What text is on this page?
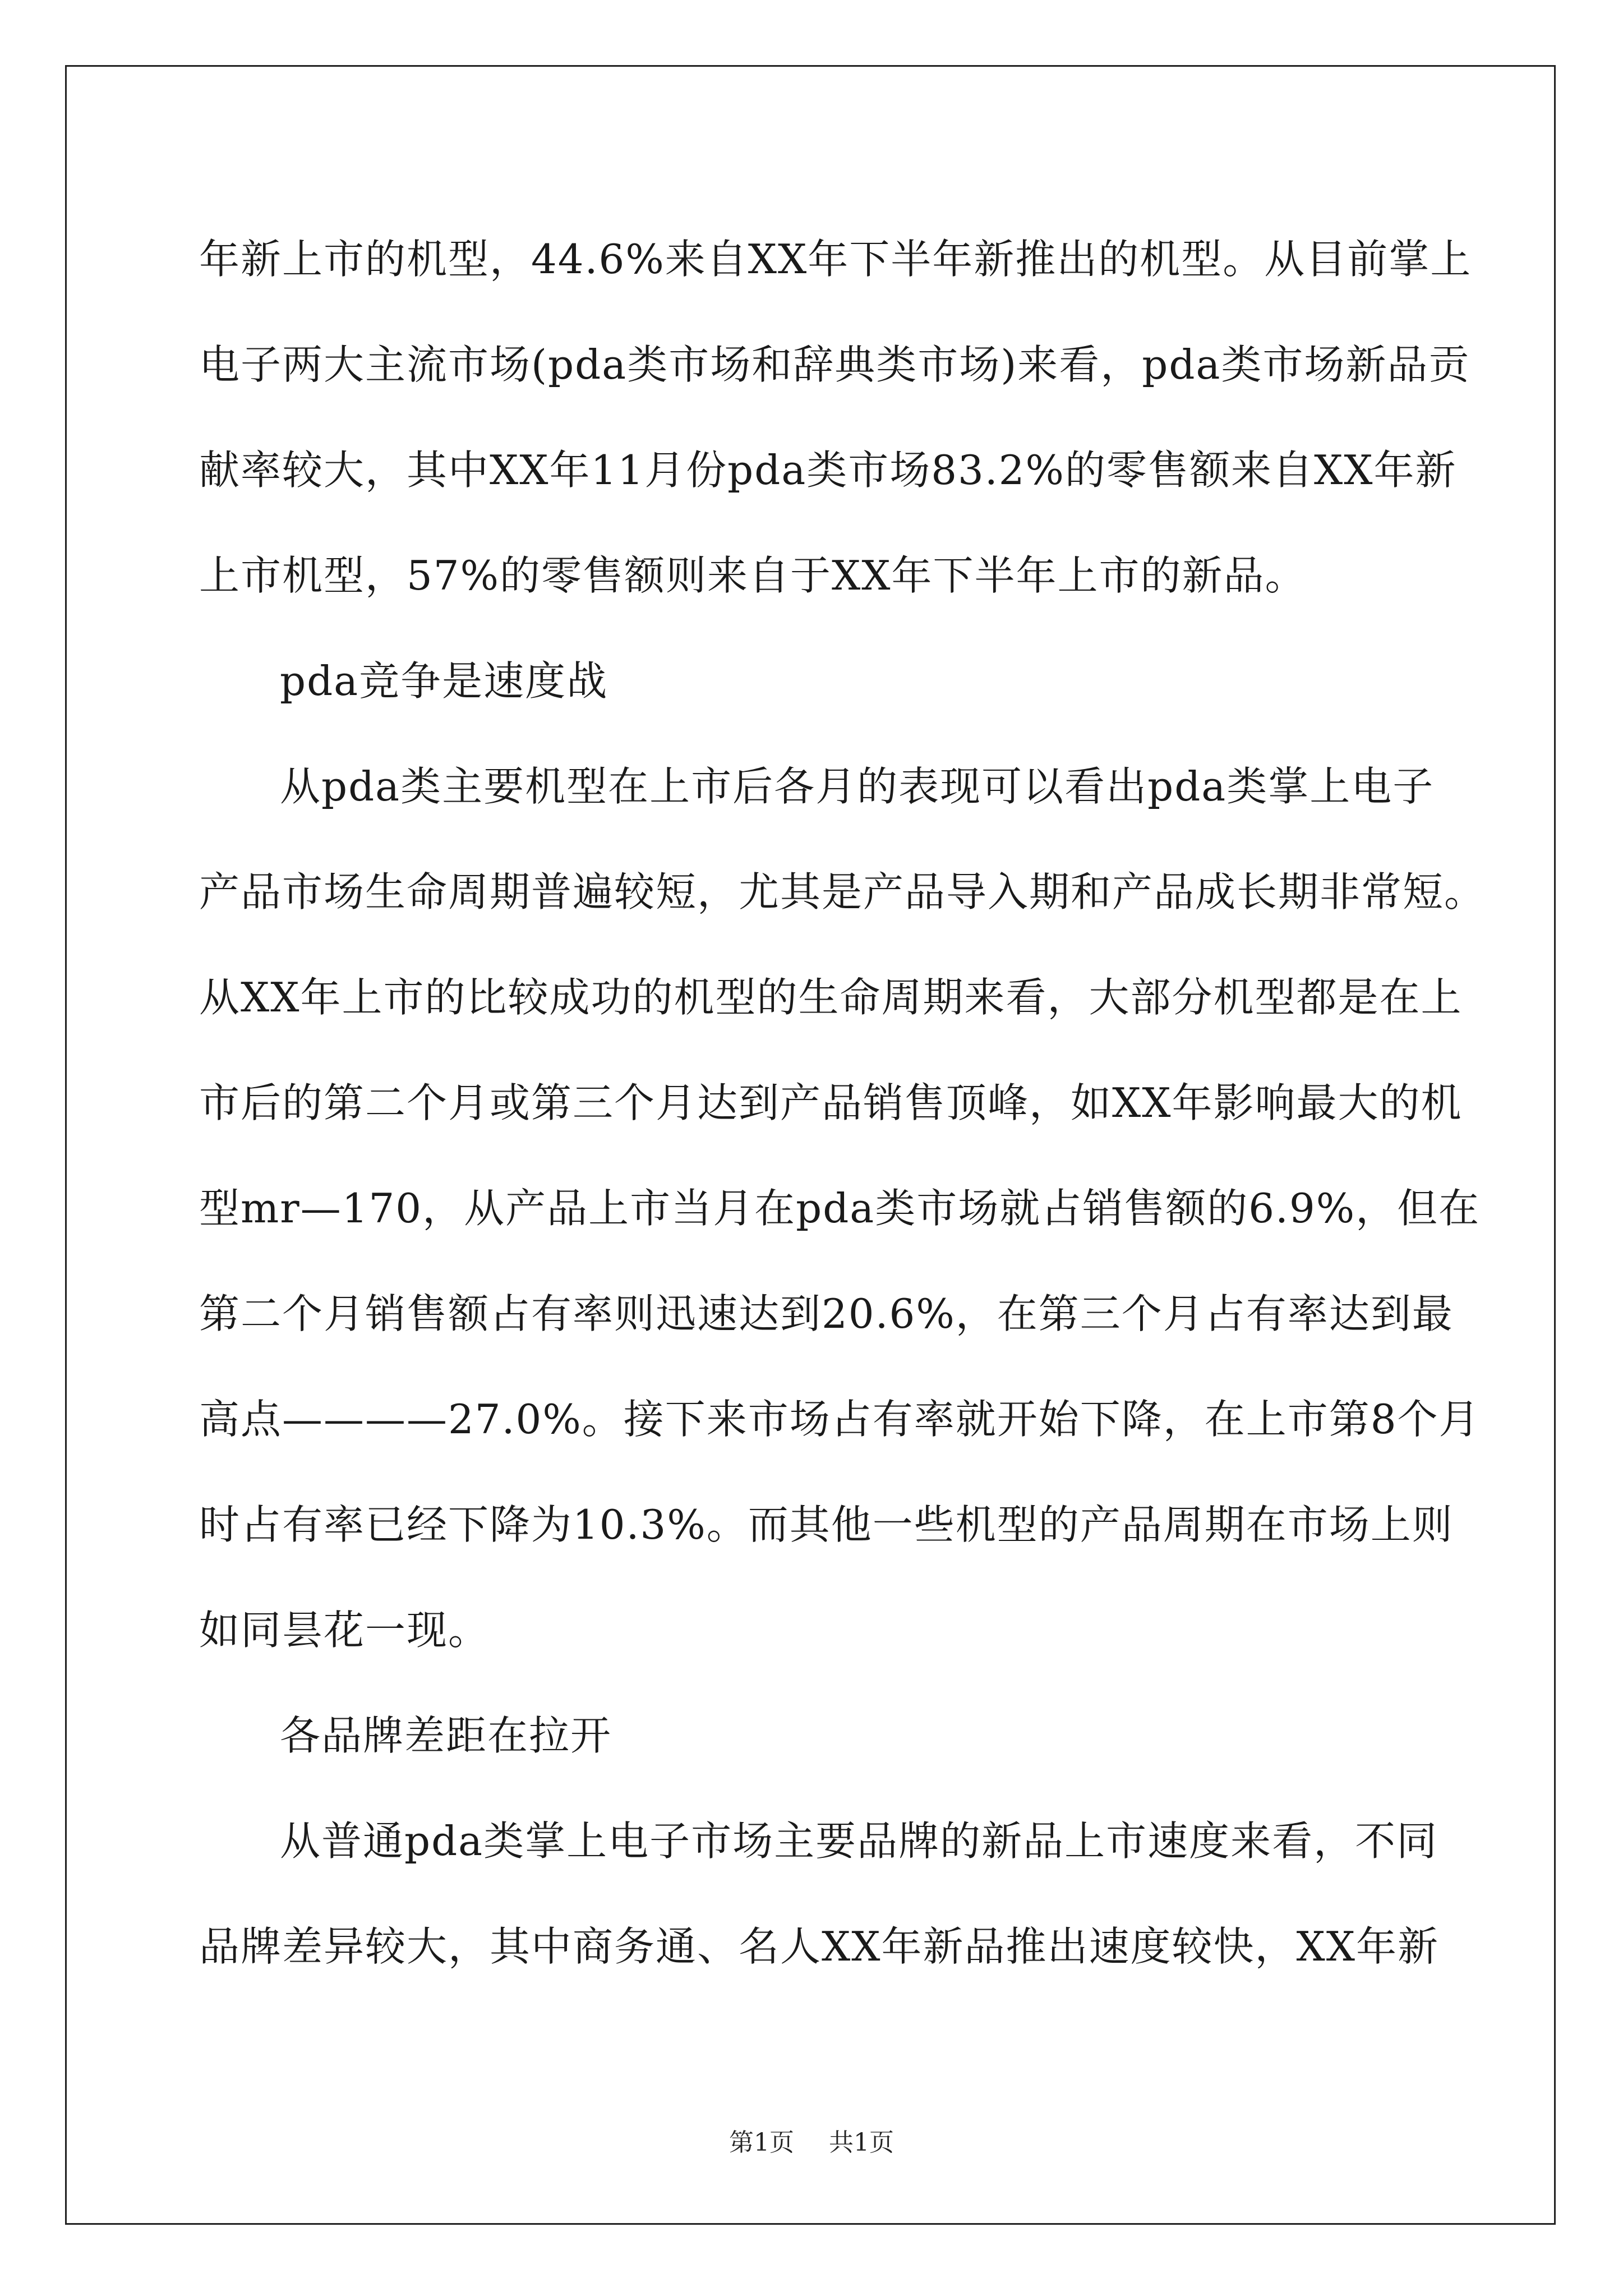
年新上市的机型，44.6%来自XX年下半年新推出的机型。从目前掌上
电子两大主流市场(pda类市场和辞典类市场)来看，pda类市场新品贡
献率较大，其中XX年11月份pda类市场83.2%的零售额来自XX年新
上市机型，57%的零售额则来自于XX年下半年上市的新品。
pda竞争是速度战
从pda类主要机型在上市后各月的表现可以看出pda类掌上电子
产品市场生命周期普遍较短，尤其是产品导入期和产品成长期非常短。
从XX年上市的比较成功的机型的生命周期来看，大部分机型都是在上
市后的第二个月或第三个月达到产品销售顶峰，如XX年影响最大的机
型mr—170，从产品上市当月在pda类市场就占销售额的6.9%，但在
第二个月销售额占有率则迅速达到20.6%，在第三个月占有率达到最
高点————27.0%。接下来市场占有率就开始下降，在上市第8个月
时占有率已经下降为10.3%。而其他一些机型的产品周期在市场上则
如同昙花一现。
各品牌差距在拉开
从普通pda类掌上电子市场主要品牌的新品上市速度来看，不同
品牌差异较大，其中商务通、名人XX年新品推出速度较快，XX年新
第1页 共1页
